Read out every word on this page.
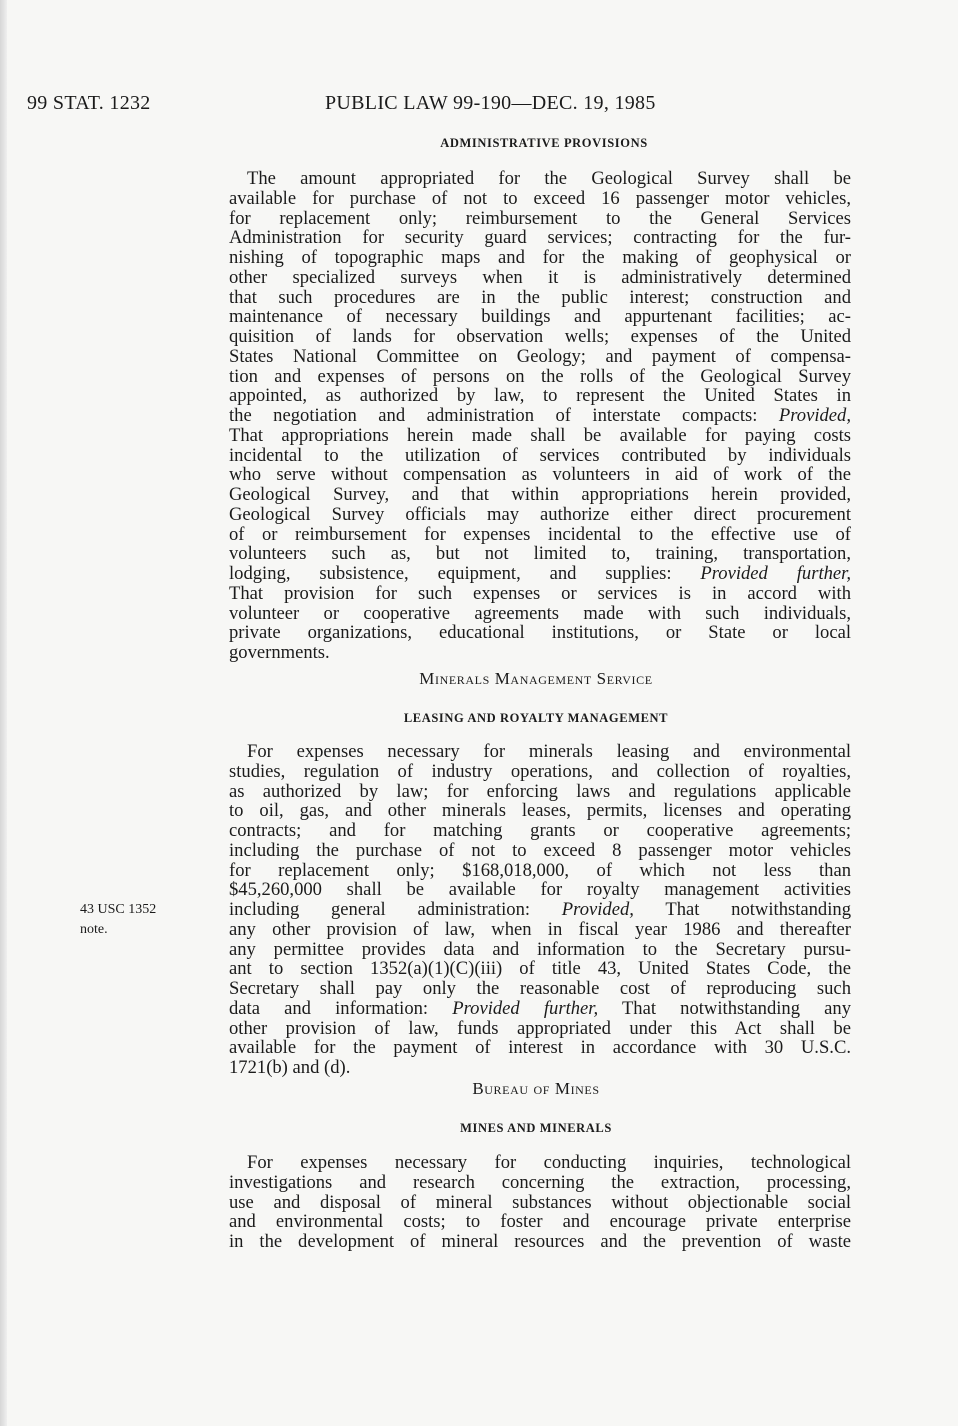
99 STAT. 1232	PUBLIC LAW 99-190—DEC. 19, 1985
ADMINISTRATIVE PROVISIONS
The amount appropriated for the Geological Survey shall be
available for purchase of not to exceed 16 passenger motor vehicles,
for replacement only; reimbursement to the General Services
Administration for security guard services; contracting for the fur-
nishing of topographic maps and for the making of geophysical or
other specialized surveys when it is administratively determined
that such procedures are in the public interest; construction and
maintenance of necessary buildings and appurtenant facilities; ac-
quisition of lands for observation wells; expenses of the United
States National Committee on Geology; and payment of compensa-
tion and expenses of persons on the rolls of the Geological Survey
appointed, as authorized by law, to represent the United States in
the negotiation and administration of interstate compacts: Provided,
That appropriations herein made shall be available for paying costs
incidental to the utilization of services contributed by individuals
who serve without compensation as volunteers in aid of work of the
Geological Survey, and that within appropriations herein provided,
Geological Survey officials may authorize either direct procurement
of or reimbursement for expenses incidental to the effective use of
volunteers such as, but not limited to, training, transportation,
lodging, subsistence, equipment, and supplies: Provided further,
That provision for such expenses or services is in accord with
volunteer or cooperative agreements made with such individuals,
private organizations, educational institutions, or State or local
governments.
Minerals Management Service
LEASING AND ROYALTY MANAGEMENT
For expenses necessary for minerals leasing and environmental
studies, regulation of industry operations, and collection of royalties,
as authorized by law; for enforcing laws and regulations applicable
to oil, gas, and other minerals leases, permits, licenses and operating
contracts; and for matching grants or cooperative agreements;
including the purchase of not to exceed 8 passenger motor vehicles
for replacement only; $168,018,000, of which not less than
$45,260,000 shall be available for royalty management activities
including general administration: Provided, That notwithstanding
any other provision of law, when in fiscal year 1986 and thereafter
any permittee provides data and information to the Secretary pursu-
ant to section 1352(a)(1)(C)(iii) of title 43, United States Code, the
Secretary shall pay only the reasonable cost of reproducing such
data and information: Provided further, That notwithstanding any
other provision of law, funds appropriated under this Act shall be
available for the payment of interest in accordance with 30 U.S.C.
1721(b) and (d).
43 USC 1352
note.
Bureau of Mines
MINES AND MINERALS
For expenses necessary for conducting inquiries, technological
investigations and research concerning the extraction, processing,
use and disposal of mineral substances without objectionable social
and environmental costs; to foster and encourage private enterprise
in the development of mineral resources and the prevention of waste
